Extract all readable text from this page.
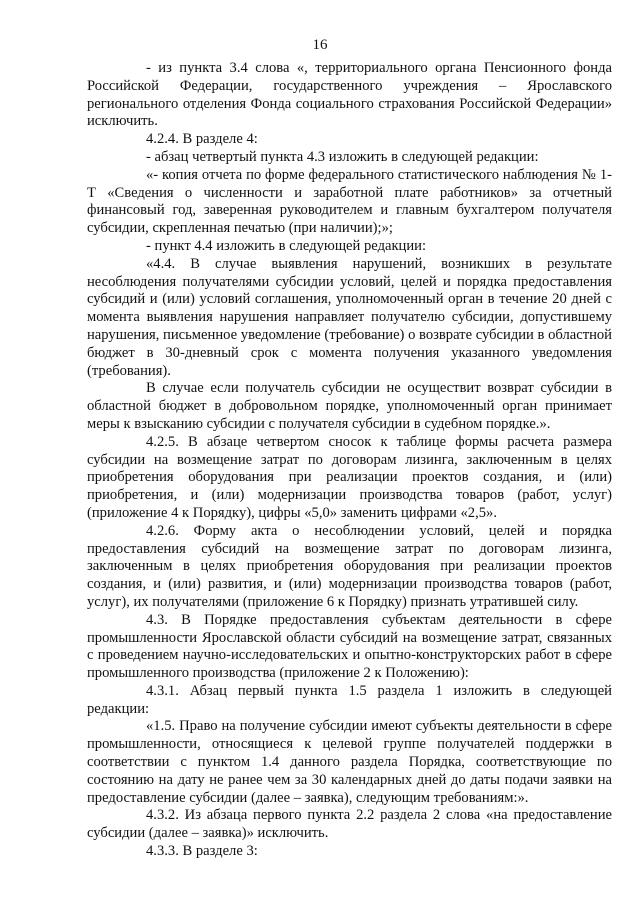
16

- из пункта 3.4 слова «, территориального органа Пенсионного фонда Российской Федерации, государственного учреждения – Ярославского регионального отделения Фонда социального страхования Российской Федерации» исключить.

4.2.4. В разделе 4:

- абзац четвертый пункта 4.3 изложить в следующей редакции:

«- копия отчета по форме федерального статистического наблюдения № 1-Т «Сведения о численности и заработной плате работников» за отчетный финансовый год, заверенная руководителем и главным бухгалтером получателя субсидии, скрепленная печатью (при наличии);»;

- пункт 4.4 изложить в следующей редакции:

«4.4. В случае выявления нарушений, возникших в результате несоблюдения получателями субсидии условий, целей и порядка предоставления субсидий и (или) условий соглашения, уполномоченный орган в течение 20 дней с момента выявления нарушения направляет получателю субсидии, допустившему нарушения, письменное уведомление (требование) о возврате субсидии в областной бюджет в 30-дневный срок с момента получения указанного уведомления (требования).

В случае если получатель субсидии не осуществит возврат субсидии в областной бюджет в добровольном порядке, уполномоченный орган принимает меры к взысканию субсидии с получателя субсидии в судебном порядке.».

4.2.5. В абзаце четвертом сносок к таблице формы расчета размера субсидии на возмещение затрат по договорам лизинга, заключенным в целях приобретения оборудования при реализации проектов создания, и (или) приобретения, и (или) модернизации производства товаров (работ, услуг) (приложение 4 к Порядку), цифры «5,0» заменить цифрами «2,5».

4.2.6. Форму акта о несоблюдении условий, целей и порядка предоставления субсидий на возмещение затрат по договорам лизинга, заключенным в целях приобретения оборудования при реализации проектов создания, и (или) развития, и (или) модернизации производства товаров (работ, услуг), их получателями (приложение 6 к Порядку) признать утратившей силу.

4.3. В Порядке предоставления субъектам деятельности в сфере промышленности Ярославской области субсидий на возмещение затрат, связанных с проведением научно-исследовательских и опытно-конструкторских работ в сфере промышленного производства (приложение 2 к Положению):

4.3.1. Абзац первый пункта 1.5 раздела 1 изложить в следующей редакции:

«1.5. Право на получение субсидии имеют субъекты деятельности в сфере промышленности, относящиеся к целевой группе получателей поддержки в соответствии с пунктом 1.4 данного раздела Порядка, соответствующие по состоянию на дату не ранее чем за 30 календарных дней до даты подачи заявки на предоставление субсидии (далее – заявка), следующим требованиям:».

4.3.2. Из абзаца первого пункта 2.2 раздела 2 слова «на предоставление субсидии (далее – заявка)» исключить.

4.3.3. В разделе 3:
